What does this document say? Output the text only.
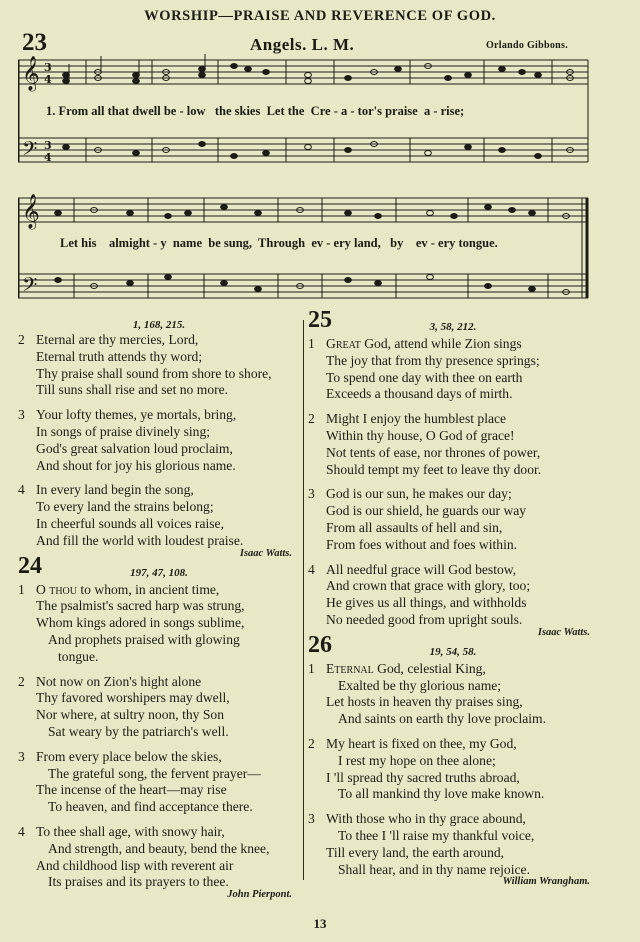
WORSHIP—PRAISE AND REVERENCE OF GOD.
23	Angels. L. M.	Orlando Gibbons.
𝄞
𝄢
𝄞
𝄢
3
4
3
4
1. From all that dwell be - low   the skies  Let the  Cre - a - tor's praise  a - rise;
Let his    almight - y  name  be sung,  Through  ev - ery land,   by    ev - ery tongue.
1, 168, 215.
2 Eternal are thy mercies, Lord,
Eternal truth attends thy word;
Thy praise shall sound from shore to shore,
Till suns shall rise and set no more.
3 Your lofty themes, ye mortals, bring,
In songs of praise divinely sing;
God's great salvation loud proclaim,
And shout for joy his glorious name.
4 In every land begin the song,
To every land the strains belong;
In cheerful sounds all voices raise,
And fill the world with loudest praise.
Isaac Watts.
24	197, 47, 108.
1 O thou to whom, in ancient time,
The psalmist's sacred harp was strung,
Whom kings adored in songs sublime,
And prophets praised with glowing
tongue.
2 Not now on Zion's hight alone
Thy favored worshipers may dwell,
Nor where, at sultry noon, thy Son
Sat weary by the patriarch's well.
3 From every place below the skies,
The grateful song, the fervent prayer—
The incense of the heart—may rise
To heaven, and find acceptance there.
4 To thee shall age, with snowy hair,
And strength, and beauty, bend the knee,
And childhood lisp with reverent air
Its praises and its prayers to thee.
John Pierpont.
25	3, 58, 212.
1 Great God, attend while Zion sings
The joy that from thy presence springs;
To spend one day with thee on earth
Exceeds a thousand days of mirth.
2 Might I enjoy the humblest place
Within thy house, O God of grace!
Not tents of ease, nor thrones of power,
Should tempt my feet to leave thy door.
3 God is our sun, he makes our day;
God is our shield, he guards our way
From all assaults of hell and sin,
From foes without and foes within.
4 All needful grace will God bestow,
And crown that grace with glory, too;
He gives us all things, and withholds
No needed good from upright souls.
Isaac Watts.
26	19, 54, 58.
1 Eternal God, celestial King,
Exalted be thy glorious name;
Let hosts in heaven thy praises sing,
And saints on earth thy love proclaim.
2 My heart is fixed on thee, my God,
I rest my hope on thee alone;
I 'll spread thy sacred truths abroad,
To all mankind thy love make known.
3 With those who in thy grace abound,
To thee I 'll raise my thankful voice,
Till every land, the earth around,
Shall hear, and in thy name rejoice.
William Wrangham.
13
